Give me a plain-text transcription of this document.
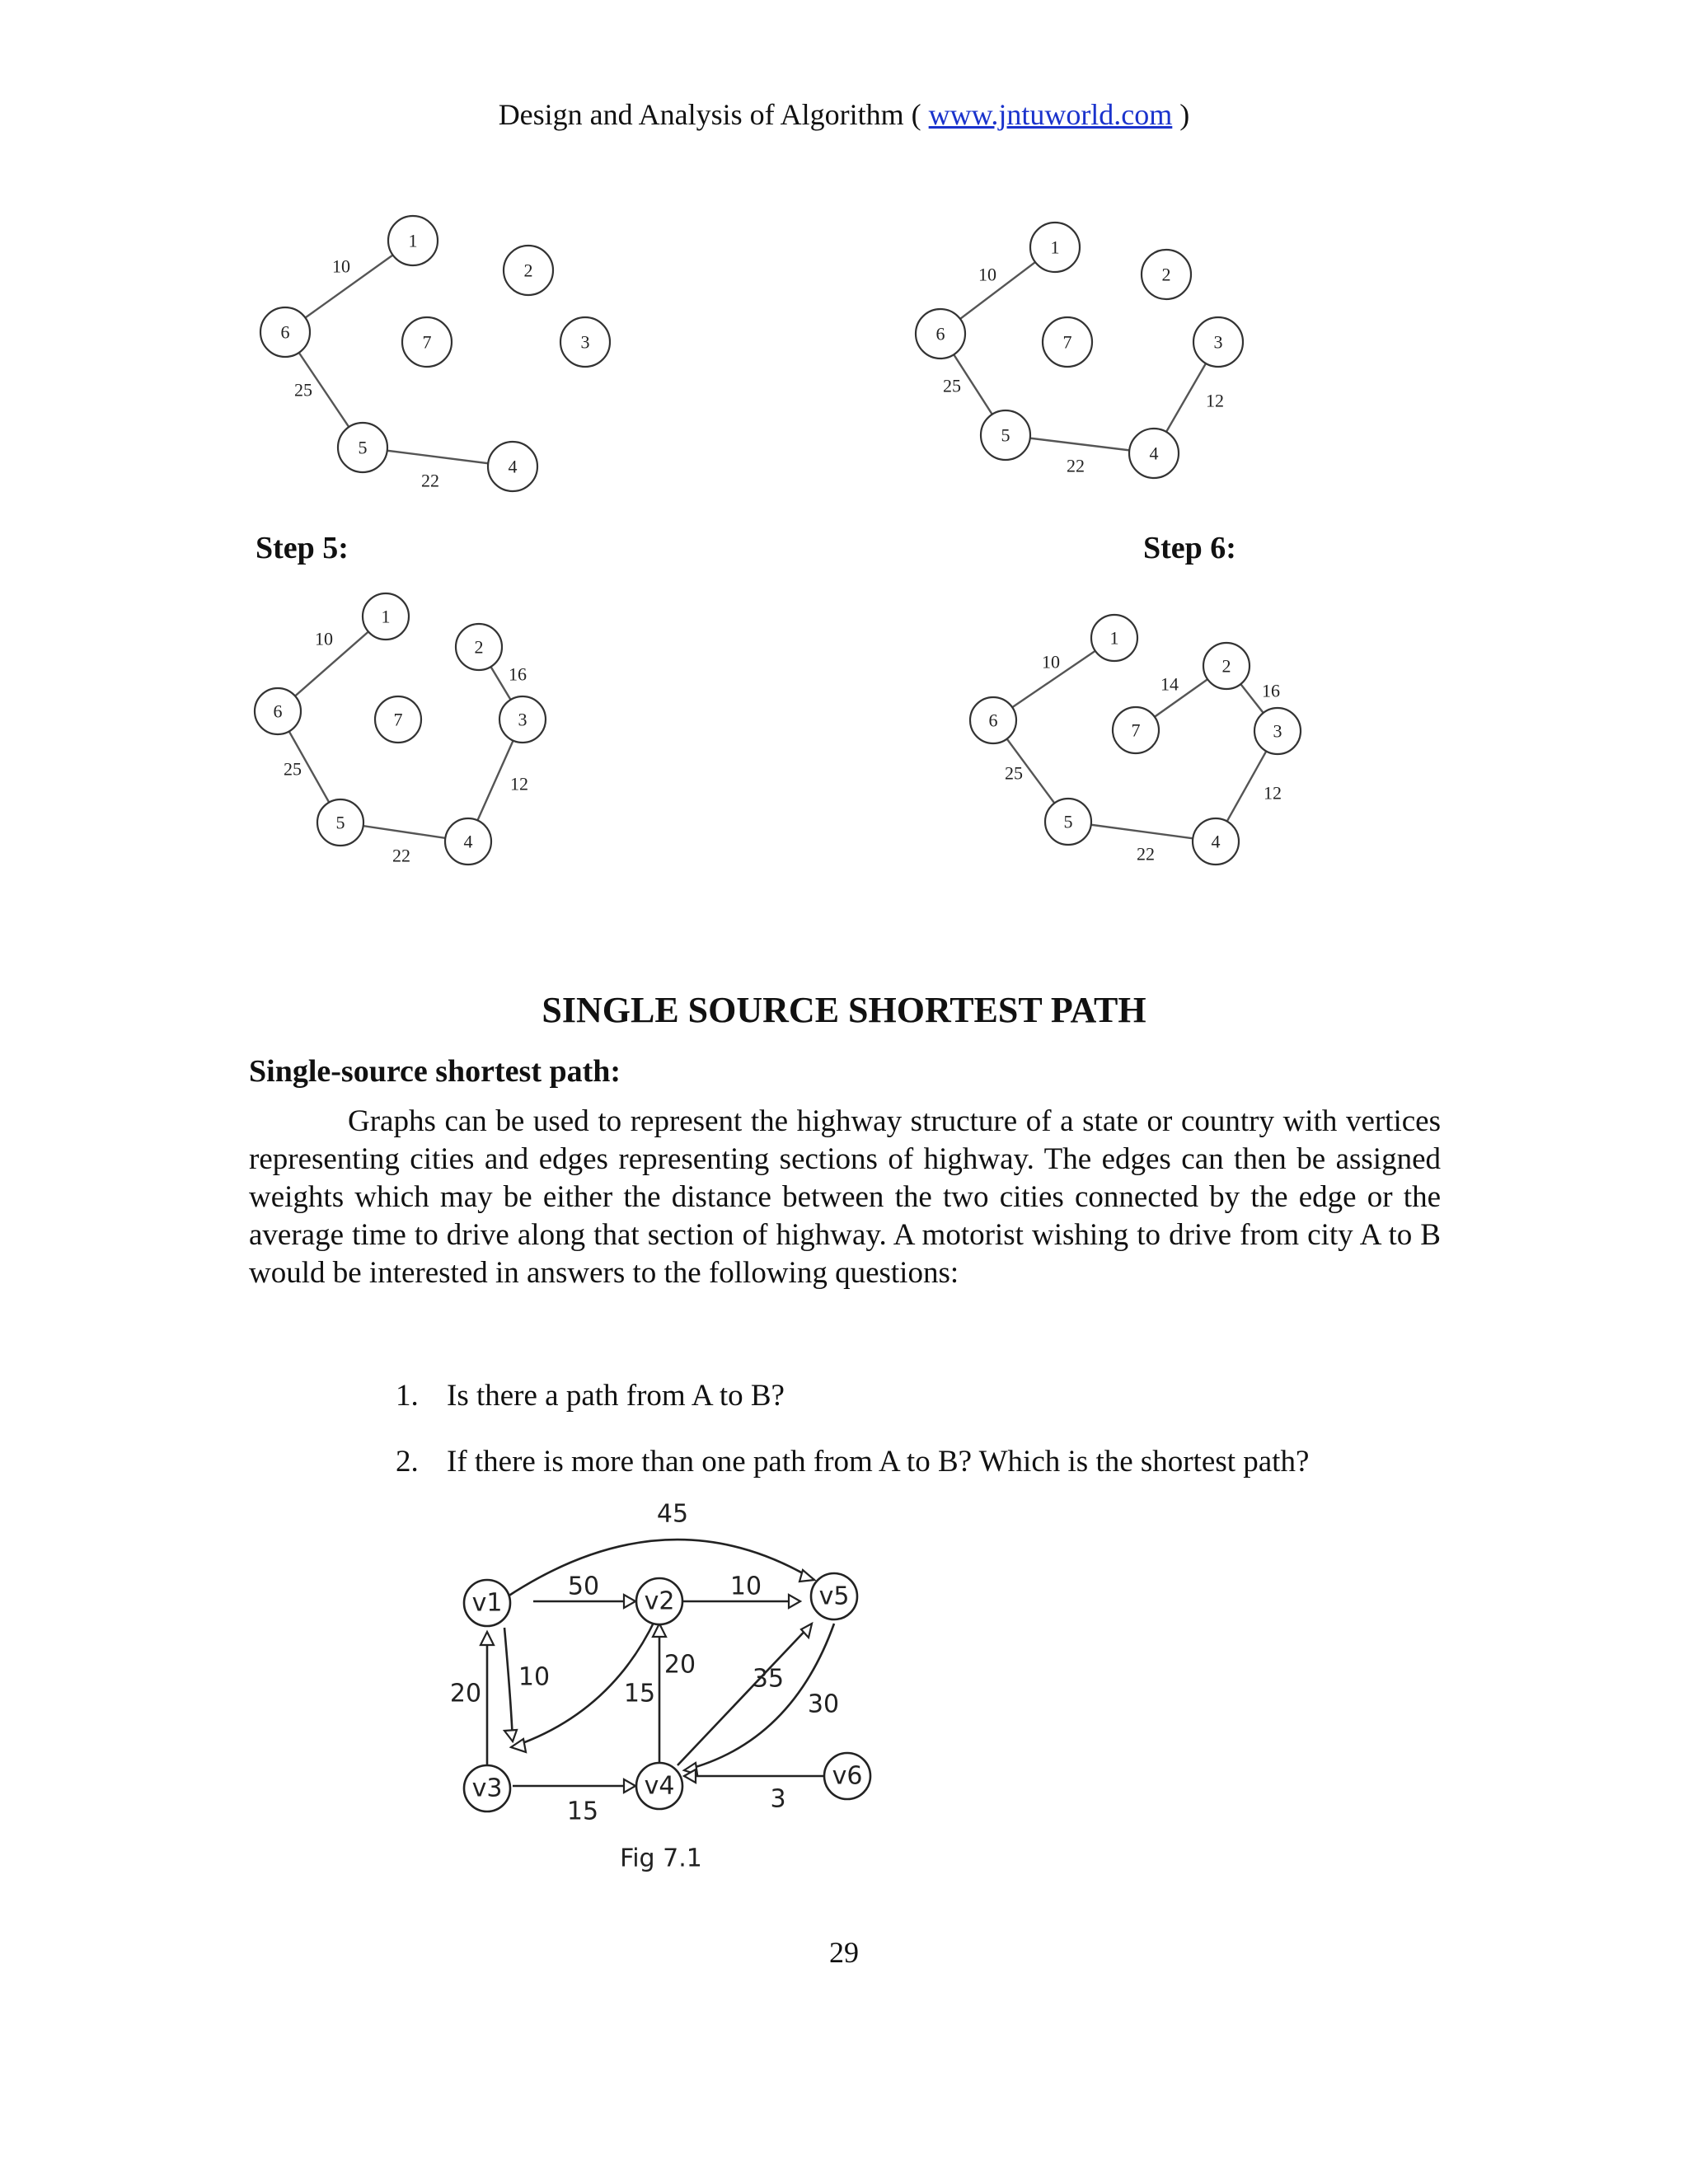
Design and Analysis of Algorithm ( www.jntuworld.com )
1
2
3
4
5
6	7
10
25
22
1
2
3
4
5
6	7
10
25
22
12
Step 5:	Step 6:
1
2
3
4
5
6	7
10
25
22
12
16
1
2
3
4
5
6	7
10
25
22
12
16
14
SINGLE SOURCE SHORTEST PATH
Single-source shortest path:

Graphs can be used to represent the highway structure of a state or country with vertices representing cities and edges representing sections of highway. The edges can then be assigned weights which may be either the distance between the two cities connected by the edge or the average time to drive along that section of highway. A motorist wishing to drive from city A to B would be interested in answers to the following questions:

1. Is there a path from A to B?
2. If there is more than one path from A to B? Which is the shortest path?
v1	v2
v3	v4
v5
v6
45
50	10
20
10
15
20 35
30
15	3
Fig 7.1
29
